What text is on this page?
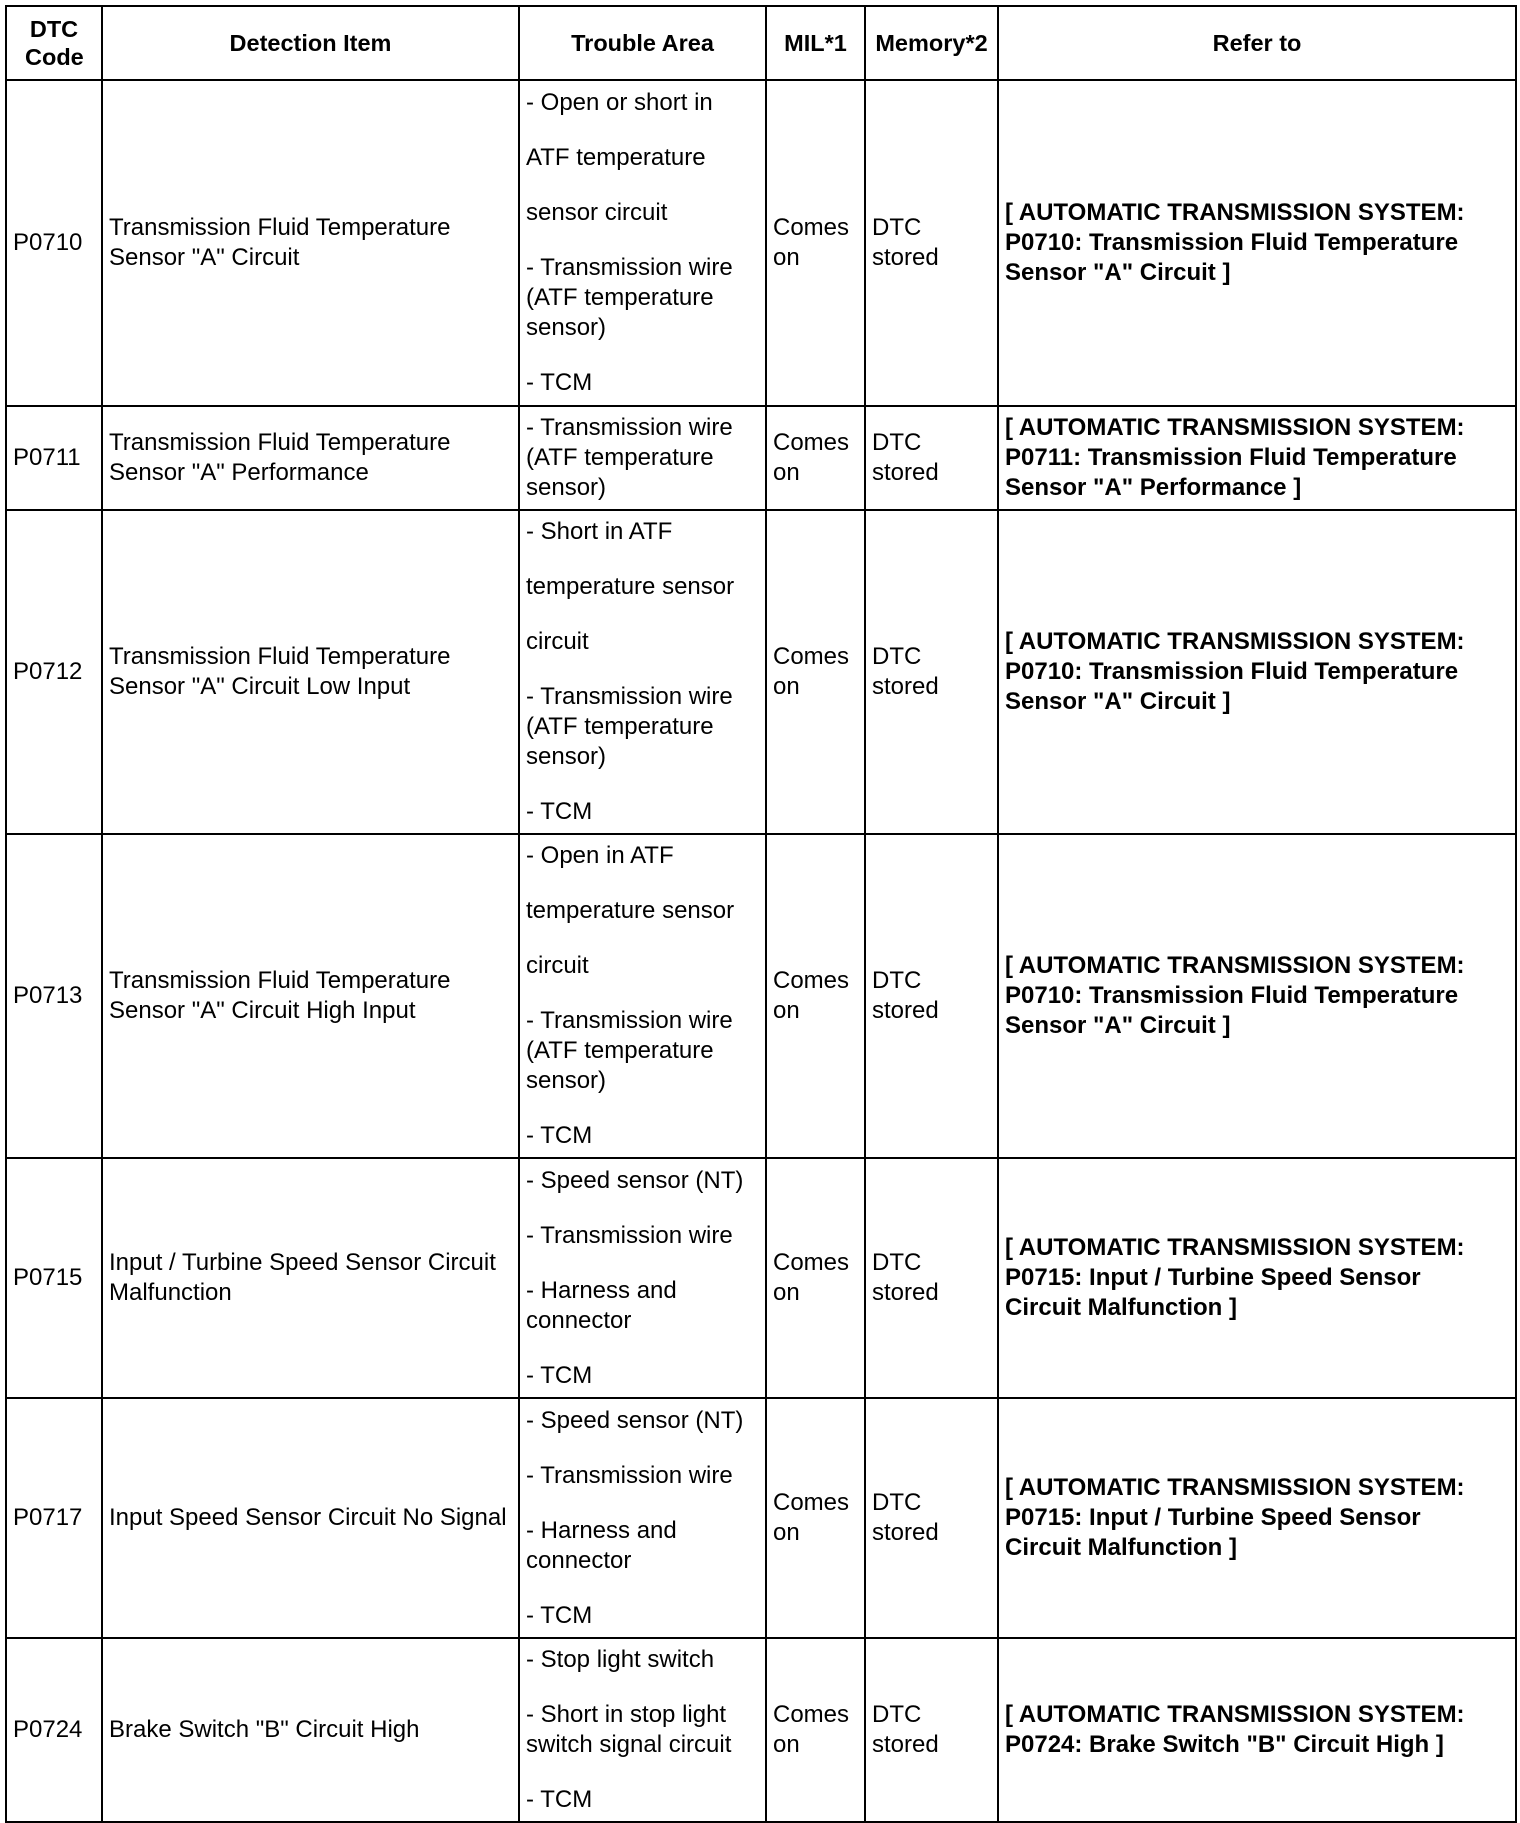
DTC Code	Detection Item	Trouble Area	MIL*1	Memory*2	Refer to
P0710	Transmission Fluid Temperature Sensor "A" Circuit	- Open or short in
ATF temperature
sensor circuit
- Transmission wire (ATF temperature sensor)
- TCM	Comes on	DTC stored	[ AUTOMATIC TRANSMISSION SYSTEM:
P0710: Transmission Fluid Temperature
Sensor "A" Circuit ]

P0711	Transmission Fluid Temperature Sensor "A" Performance	- Transmission wire (ATF temperature sensor)	Comes on	DTC stored	[ AUTOMATIC TRANSMISSION SYSTEM:
P0711: Transmission Fluid Temperature
Sensor "A" Performance ]

P0712	Transmission Fluid Temperature Sensor "A" Circuit Low Input	- Short in ATF
temperature sensor
circuit
- Transmission wire (ATF temperature sensor)
- TCM	Comes on	DTC stored	[ AUTOMATIC TRANSMISSION SYSTEM:
P0710: Transmission Fluid Temperature
Sensor "A" Circuit ]

P0713	Transmission Fluid Temperature Sensor "A" Circuit High Input	- Open in ATF
temperature sensor
circuit
- Transmission wire (ATF temperature sensor)
- TCM	Comes on	DTC stored	[ AUTOMATIC TRANSMISSION SYSTEM:
P0710: Transmission Fluid Temperature
Sensor "A" Circuit ]

P0715	Input / Turbine Speed Sensor Circuit Malfunction	- Speed sensor (NT)
- Transmission wire
- Harness and connector
- TCM	Comes on	DTC stored	[ AUTOMATIC TRANSMISSION SYSTEM:
P0715: Input / Turbine Speed Sensor
Circuit Malfunction ]

P0717	Input Speed Sensor Circuit No Signal	- Speed sensor (NT)
- Transmission wire
- Harness and connector
- TCM	Comes on	DTC stored	[ AUTOMATIC TRANSMISSION SYSTEM:
P0715: Input / Turbine Speed Sensor
Circuit Malfunction ]

P0724	Brake Switch "B" Circuit High	- Stop light switch
- Short in stop light switch signal circuit
- TCM	Comes on	DTC stored	[ AUTOMATIC TRANSMISSION SYSTEM:
P0724: Brake Switch "B" Circuit High ]
